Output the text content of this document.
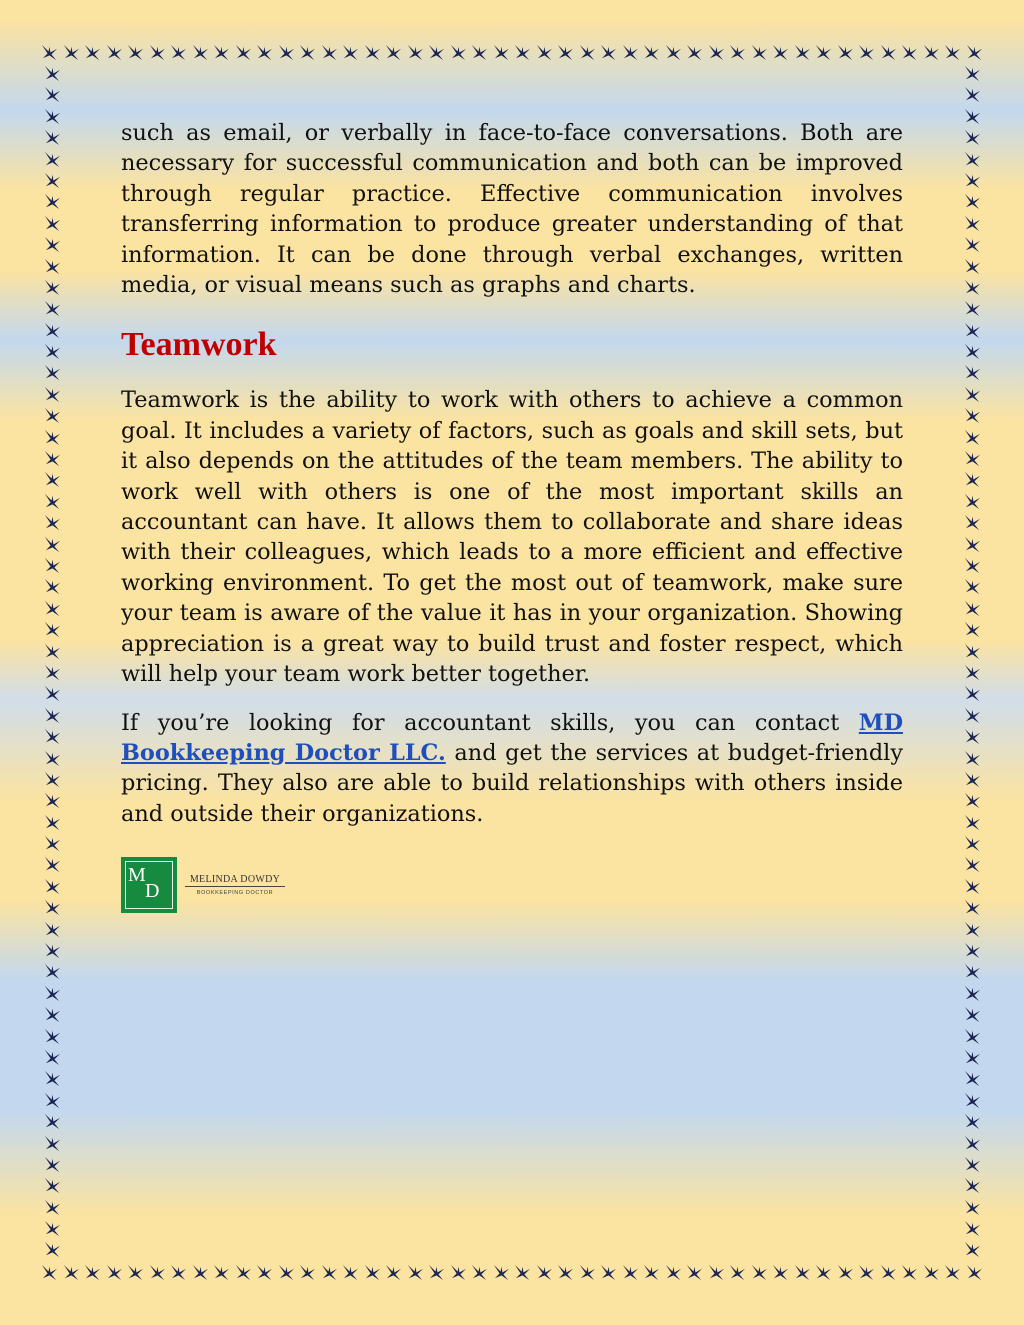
such as email, or verbally in face-to-face conversations. Both are necessary for successful communication and both can be improved through regular practice. Effective communication involves transferring information to produce greater understanding of that information. It can be done through verbal exchanges, written media, or visual means such as graphs and charts.

Teamwork

Teamwork is the ability to work with others to achieve a common goal. It includes a variety of factors, such as goals and skill sets, but it also depends on the attitudes of the team members. The ability to work well with others is one of the most important skills an accountant can have. It allows them to collaborate and share ideas with their colleagues, which leads to a more efficient and effective working environment. To get the most out of teamwork, make sure your team is aware of the value it has in your organization. Showing appreciation is a great way to build trust and foster respect, which will help your team work better together.

If you’re looking for accountant skills, you can contact MD Bookkeeping Doctor LLC. and get the services at budget-friendly pricing. They also are able to build relationships with others inside and outside their organizations.

M
D
MELINDA DOWDY
BOOKKEEPING DOCTOR
